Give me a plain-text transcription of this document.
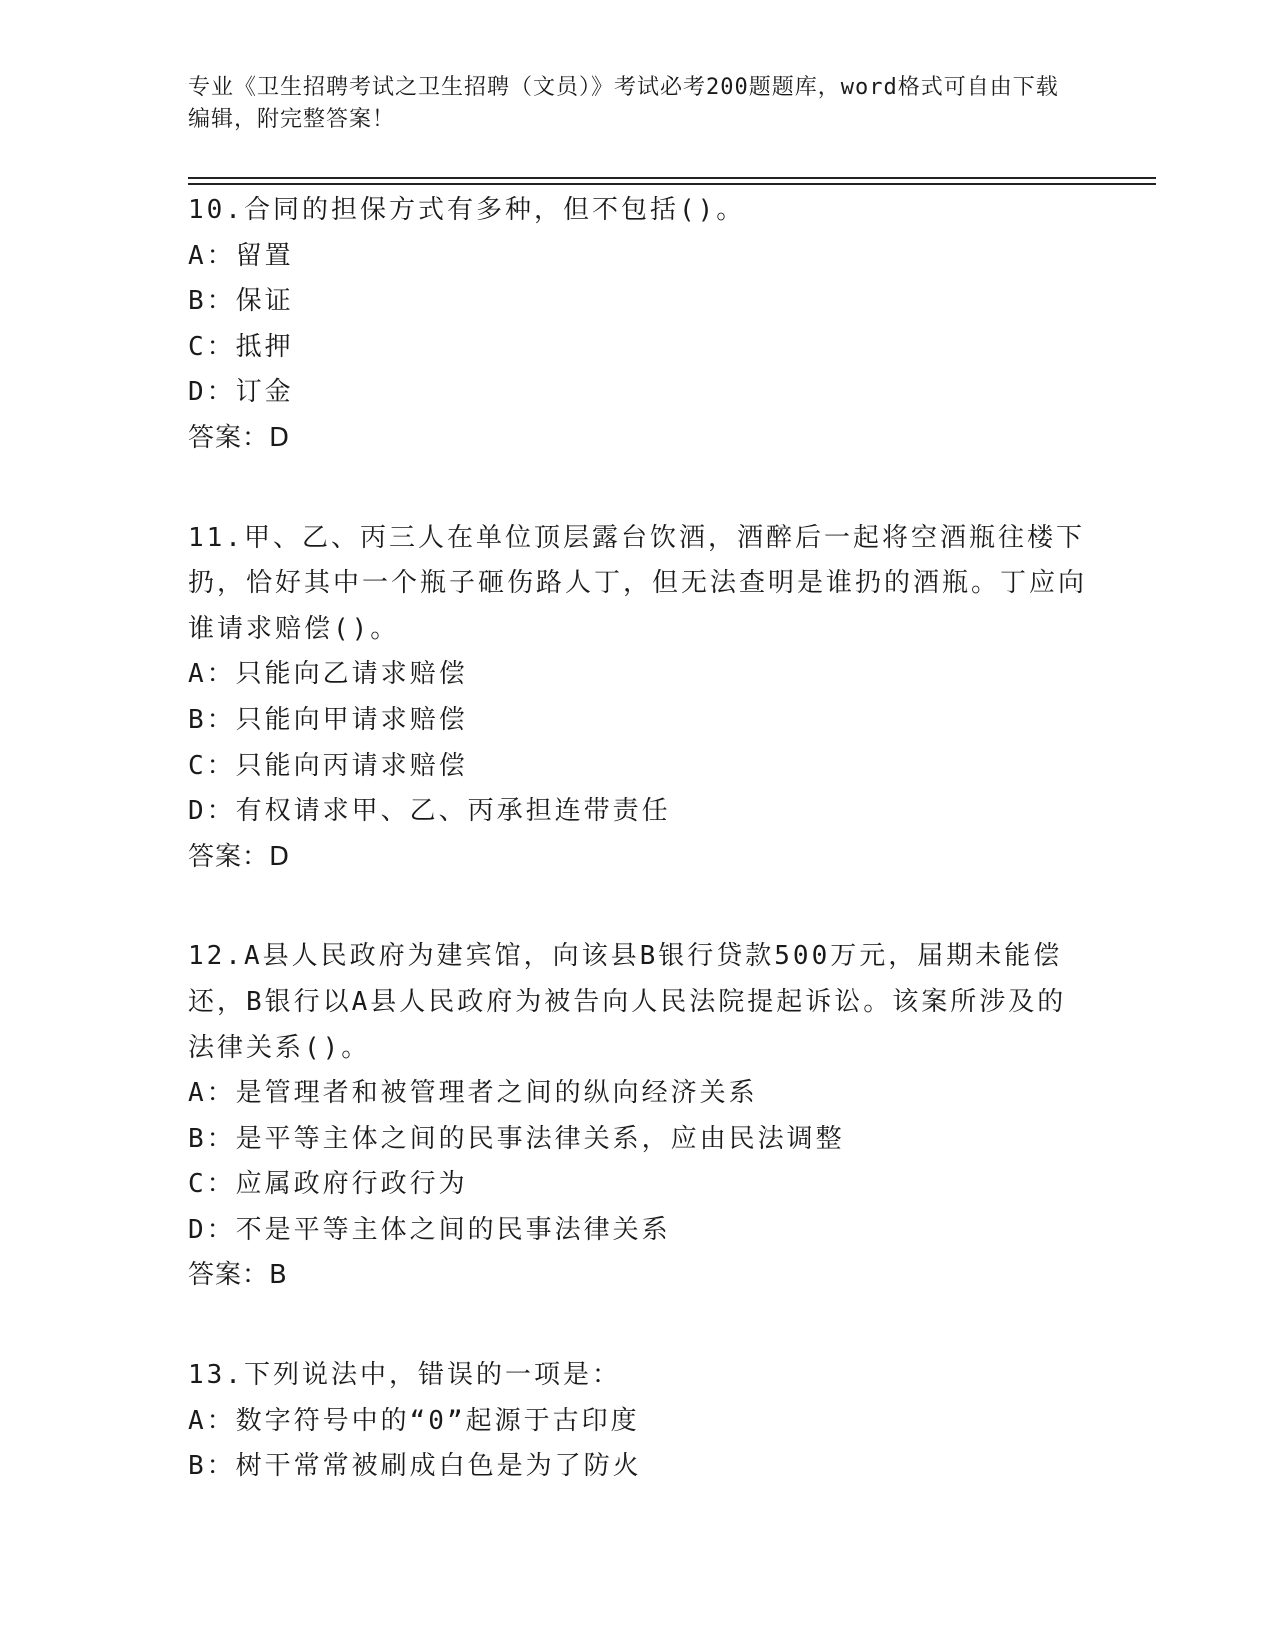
专业《卫生招聘考试之卫生招聘（文员）》考试必考200题题库，word格式可自由下载编辑，附完整答案！

10.合同的担保方式有多种，但不包括()。

A：留置

B：保证

C：抵押

D：订金

答案：D

11.甲、乙、丙三人在单位顶层露台饮酒，酒醉后一起将空酒瓶往楼下扔，恰好其中一个瓶子砸伤路人丁，但无法查明是谁扔的酒瓶。丁应向谁请求赔偿()。

A：只能向乙请求赔偿

B：只能向甲请求赔偿

C：只能向丙请求赔偿

D：有权请求甲、乙、丙承担连带责任

答案：D

12.A县人民政府为建宾馆，向该县B银行贷款500万元，届期未能偿还，B银行以A县人民政府为被告向人民法院提起诉讼。该案所涉及的法律关系()。

A：是管理者和被管理者之间的纵向经济关系

B：是平等主体之间的民事法律关系，应由民法调整

C：应属政府行政行为

D：不是平等主体之间的民事法律关系

答案：B

13.下列说法中，错误的一项是：

A：数字符号中的“0”起源于古印度

B：树干常常被刷成白色是为了防火
